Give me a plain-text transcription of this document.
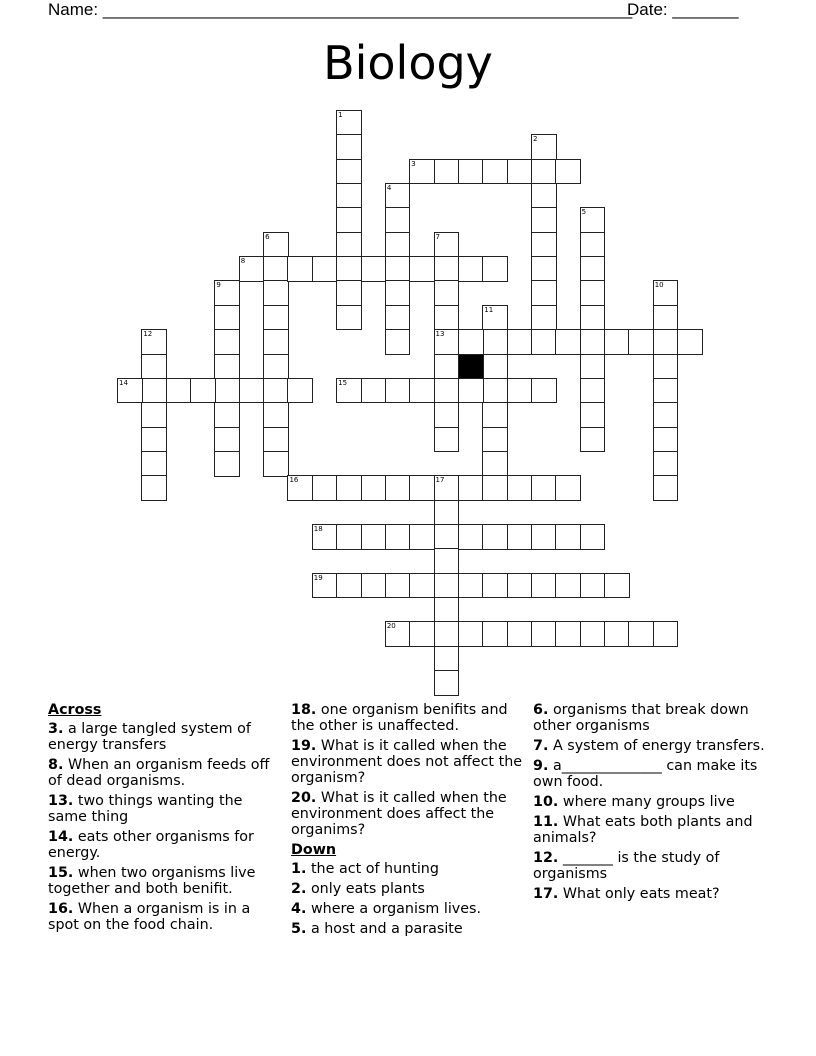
Name: ________________________________________________________
Date: _______
Biology
1
2
3
4
5
6	7
13
8
9	10
11
12
14	15
16	17
18
19
20
Across
3. a large tangled system of energy transfers
8. When an organism feeds off of dead organisms.
13. two things wanting the same thing
14. eats other organisms for energy.
15. when two organisms live together and both benifit.
16. When a organism is in a spot on the food chain.
18. one organism benifits and the other is unaffected.
19. What is it called when the environment does not affect the organism?
20. What is it called when the environment does affect the organims?
Down
1. the act of hunting
2. only eats plants
4. where a organism lives.
5. a host and a parasite
6. organisms that break down other organisms
7. A system of energy transfers.
9. a______________ can make its own food.
10. where many groups live
11. What eats both plants and animals?
12. _______ is the study of organisms
17. What only eats meat?
